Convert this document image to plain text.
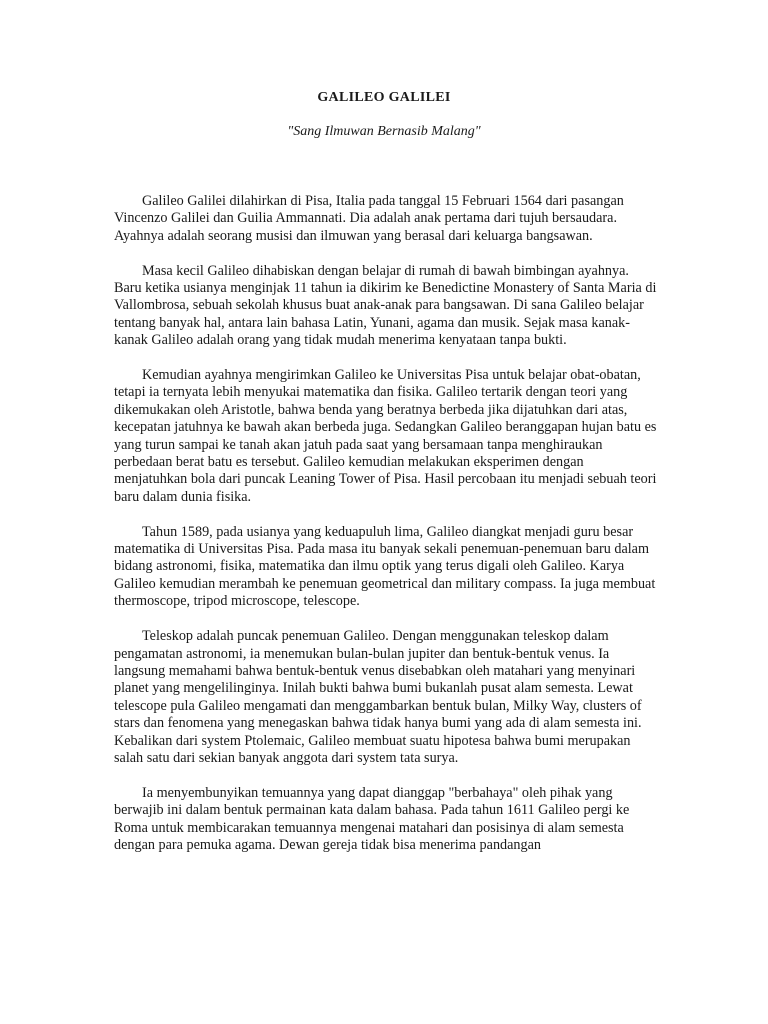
GALILEO GALILEI
"Sang Ilmuwan Bernasib Malang"

Galileo Galilei dilahirkan di Pisa, Italia pada tanggal 15 Februari 1564 dari pasangan Vincenzo Galilei dan Guilia Ammannati. Dia adalah anak pertama dari tujuh bersaudara. Ayahnya adalah seorang musisi dan ilmuwan yang berasal dari keluarga bangsawan.

Masa kecil Galileo dihabiskan dengan belajar di rumah di bawah bimbingan ayahnya. Baru ketika usianya menginjak 11 tahun ia dikirim ke Benedictine Monastery of Santa Maria di Vallombrosa, sebuah sekolah khusus buat anak-anak para bangsawan. Di sana Galileo belajar tentang banyak hal, antara lain bahasa Latin, Yunani, agama dan musik. Sejak masa kanak-kanak Galileo adalah orang yang tidak mudah menerima kenyataan tanpa bukti.

Kemudian ayahnya mengirimkan Galileo ke Universitas Pisa untuk belajar obat-obatan, tetapi ia ternyata lebih menyukai matematika dan fisika. Galileo tertarik dengan teori yang dikemukakan oleh Aristotle, bahwa benda yang beratnya berbeda jika dijatuhkan dari atas, kecepatan jatuhnya ke bawah akan berbeda juga. Sedangkan Galileo beranggapan hujan batu es yang turun sampai ke tanah akan jatuh pada saat yang bersamaan tanpa menghiraukan perbedaan berat batu es tersebut. Galileo kemudian melakukan eksperimen dengan menjatuhkan bola dari puncak Leaning Tower of Pisa. Hasil percobaan itu menjadi sebuah teori baru dalam dunia fisika.

Tahun 1589, pada usianya yang keduapuluh lima, Galileo diangkat menjadi guru besar matematika di Universitas Pisa. Pada masa itu banyak sekali penemuan-penemuan baru dalam bidang astronomi, fisika, matematika dan ilmu optik yang terus digali oleh Galileo. Karya Galileo kemudian merambah ke penemuan geometrical dan military compass. Ia juga membuat thermoscope, tripod microscope, telescope.

Teleskop adalah puncak penemuan Galileo. Dengan menggunakan teleskop dalam pengamatan astronomi, ia menemukan bulan-bulan jupiter dan bentuk-bentuk venus. Ia langsung memahami bahwa bentuk-bentuk venus disebabkan oleh matahari yang menyinari planet yang mengelilinginya. Inilah bukti bahwa bumi bukanlah pusat alam semesta. Lewat telescope pula Galileo mengamati dan menggambarkan bentuk bulan, Milky Way, clusters of stars dan fenomena yang menegaskan bahwa tidak hanya bumi yang ada di alam semesta ini. Kebalikan dari system Ptolemaic, Galileo membuat suatu hipotesa bahwa bumi merupakan salah satu dari sekian banyak anggota dari system tata surya.

Ia menyembunyikan temuannya yang dapat dianggap "berbahaya" oleh pihak yang berwajib ini dalam bentuk permainan kata dalam bahasa. Pada tahun 1611 Galileo pergi ke Roma untuk membicarakan temuannya mengenai matahari dan posisinya di alam semesta dengan para pemuka agama. Dewan gereja tidak bisa menerima pandangan
